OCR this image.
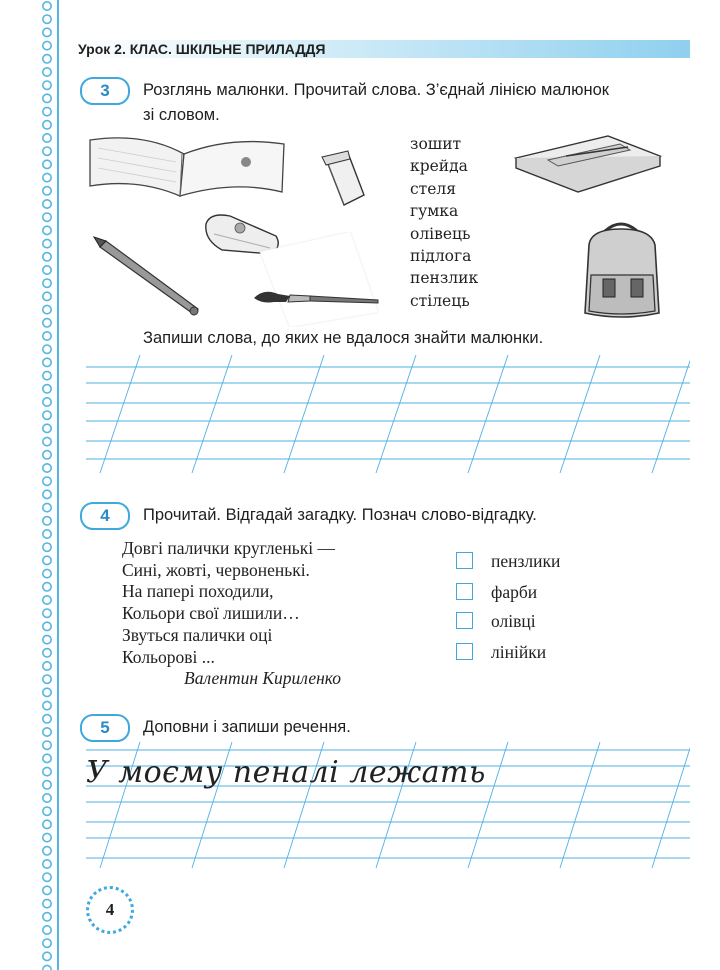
Урок 2. КЛАС. ШКІЛЬНЕ ПРИЛАДДЯ
3	Розглянь малюнки. Прочитай слова. З’єднай лінією малюнок
зі словом.
зошит
крейда
стеля
гумка
олівець
підлога
пензлик
стілець
Запиши слова, до яких не вдалося знайти малюнки.
4	Прочитай. Відгадай загадку. Познач слово-відгадку.
Довгі палички кругленькі —
Сині, жовті, червоненькі.
На папері походили,
Кольори свої лишили…
Звуться палички оці
Кольорові ...
Валентин Кириленко
пензлики
фарби
олівці
лінійки
5	Доповни і запиши речення.
У моєму пеналі лежать
4
